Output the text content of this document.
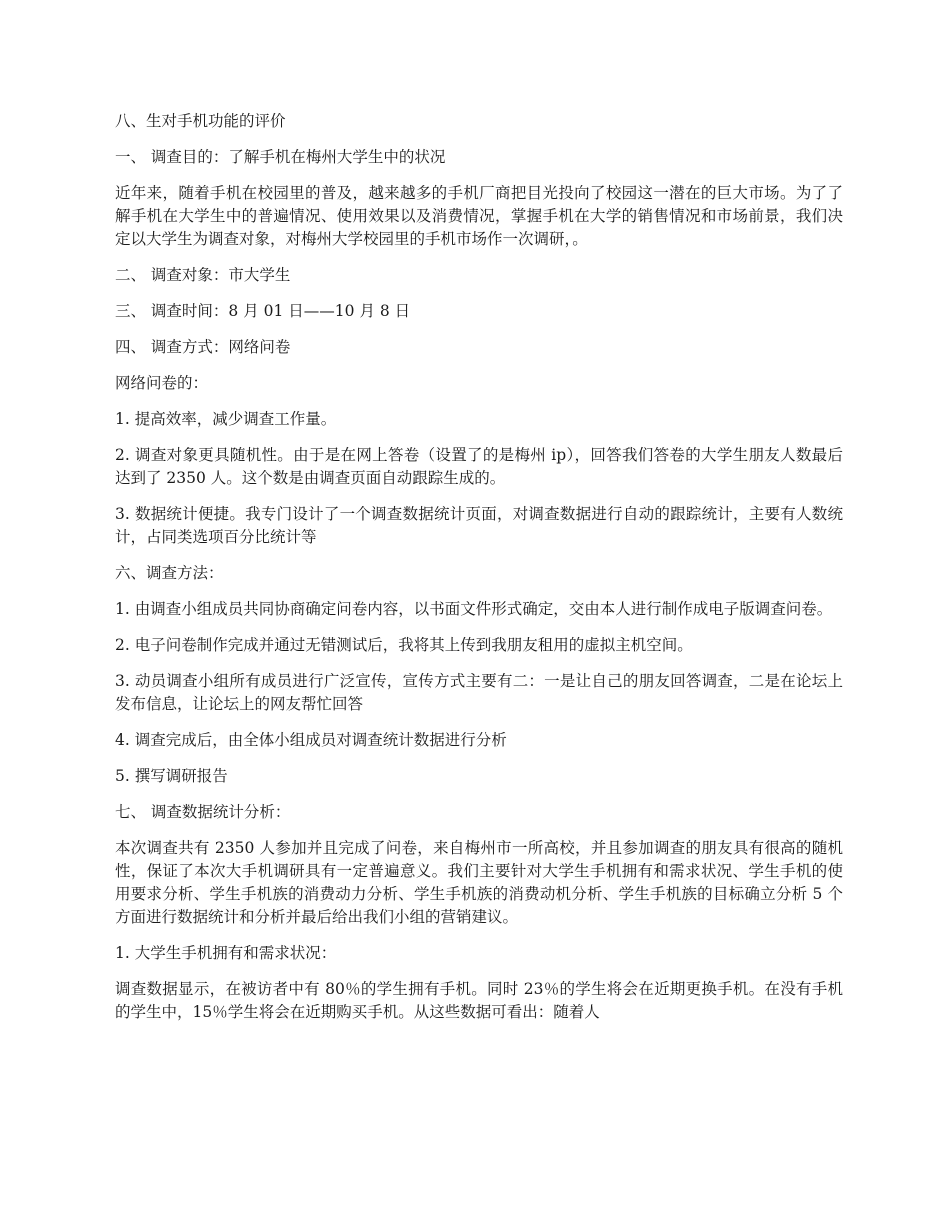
八、生对手机功能的评价

一、 调查目的：了解手机在梅州大学生中的状况

近年来，随着手机在校园里的普及，越来越多的手机厂商把目光投向了校园这一潜在的巨大市场。为了了解手机在大学生中的普遍情况、使用效果以及消费情况，掌握手机在大学的销售情况和市场前景，我们决定以大学生为调查对象，对梅州大学校园里的手机市场作一次调研，。

二、 调查对象：市大学生

三、 调查时间：8 月 01 日——10 月 8 日

四、 调查方式：网络问卷

网络问卷的：

1. 提高效率，减少调查工作量。

2. 调查对象更具随机性。由于是在网上答卷（设置了的是梅州 ip），回答我们答卷的大学生朋友人数最后达到了 2350 人。这个数是由调查页面自动跟踪生成的。

3. 数据统计便捷。我专门设计了一个调查数据统计页面，对调查数据进行自动的跟踪统计，主要有人数统计，占同类选项百分比统计等

六、调查方法：

1. 由调查小组成员共同协商确定问卷内容，以书面文件形式确定，交由本人进行制作成电子版调查问卷。

2. 电子问卷制作完成并通过无错测试后，我将其上传到我朋友租用的虚拟主机空间。

3. 动员调查小组所有成员进行广泛宣传，宣传方式主要有二：一是让自己的朋友回答调查，二是在论坛上发布信息，让论坛上的网友帮忙回答

4. 调查完成后，由全体小组成员对调查统计数据进行分析

5. 撰写调研报告

七、 调查数据统计分析：

本次调查共有 2350 人参加并且完成了问卷，来自梅州市一所高校，并且参加调查的朋友具有很高的随机性，保证了本次大手机调研具有一定普遍意义。我们主要针对大学生手机拥有和需求状况、学生手机的使用要求分析、学生手机族的消费动力分析、学生手机族的消费动机分析、学生手机族的目标确立分析 5 个方面进行数据统计和分析并最后给出我们小组的营销建议。

1. 大学生手机拥有和需求状况：

调查数据显示，在被访者中有 80％的学生拥有手机。同时 23％的学生将会在近期更换手机。在没有手机的学生中，15％学生将会在近期购买手机。从这些数据可看出：随着人
